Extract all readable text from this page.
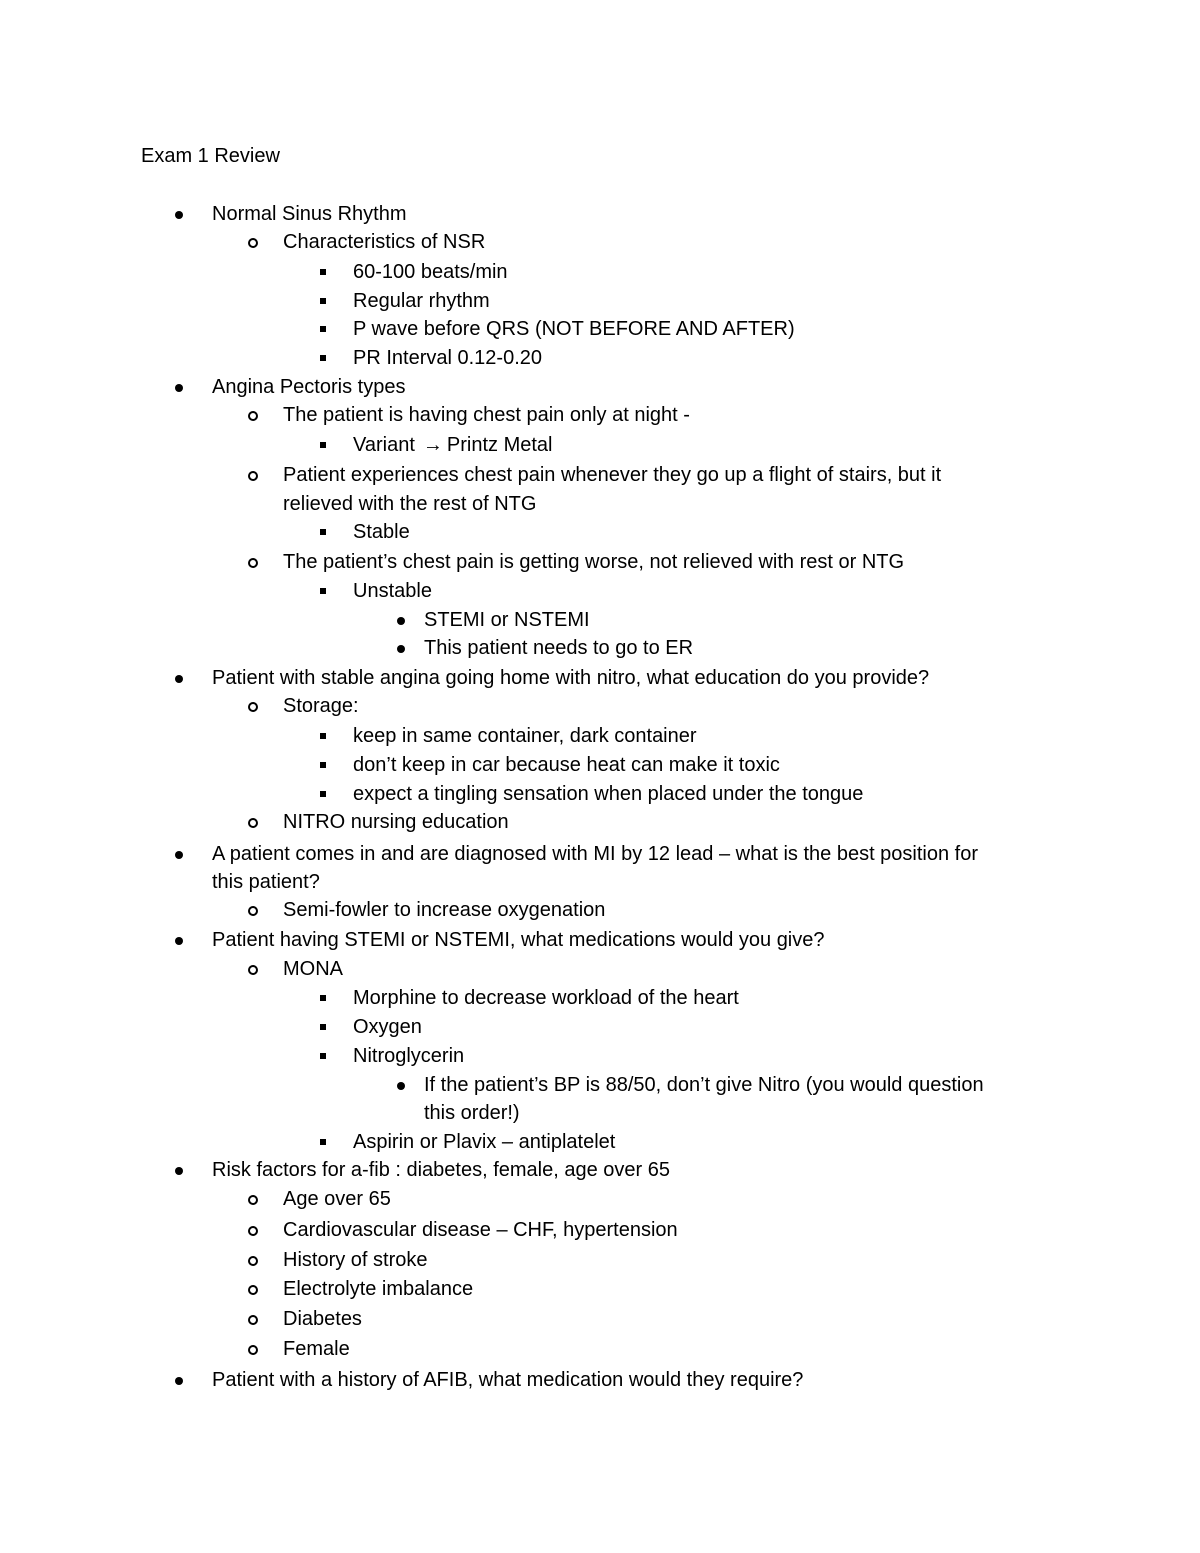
Exam 1 Review
Normal Sinus Rhythm
Characteristics of NSR
60-100 beats/min
Regular rhythm
P wave before QRS (NOT BEFORE AND AFTER)
PR Interval 0.12-0.20
Angina Pectoris types
The patient is having chest pain only at night -
Variant → Printz Metal
Patient experiences chest pain whenever they go up a flight of stairs, but it
relieved with the rest of NTG
Stable
The patient’s chest pain is getting worse, not relieved with rest or NTG
Unstable
STEMI or NSTEMI
This patient needs to go to ER
Patient with stable angina going home with nitro, what education do you provide?
Storage:
keep in same container, dark container
don’t keep in car because heat can make it toxic
expect a tingling sensation when placed under the tongue
NITRO nursing education
A patient comes in and are diagnosed with MI by 12 lead – what is the best position for
this patient?
Semi-fowler to increase oxygenation
Patient having STEMI or NSTEMI, what medications would you give?
MONA
Morphine to decrease workload of the heart
Oxygen
Nitroglycerin
If the patient’s BP is 88/50, don’t give Nitro (you would question
this order!)
Aspirin or Plavix – antiplatelet
Risk factors for a-fib : diabetes, female, age over 65
Age over 65
Cardiovascular disease – CHF, hypertension
History of stroke
Electrolyte imbalance
Diabetes
Female
Patient with a history of AFIB, what medication would they require?
